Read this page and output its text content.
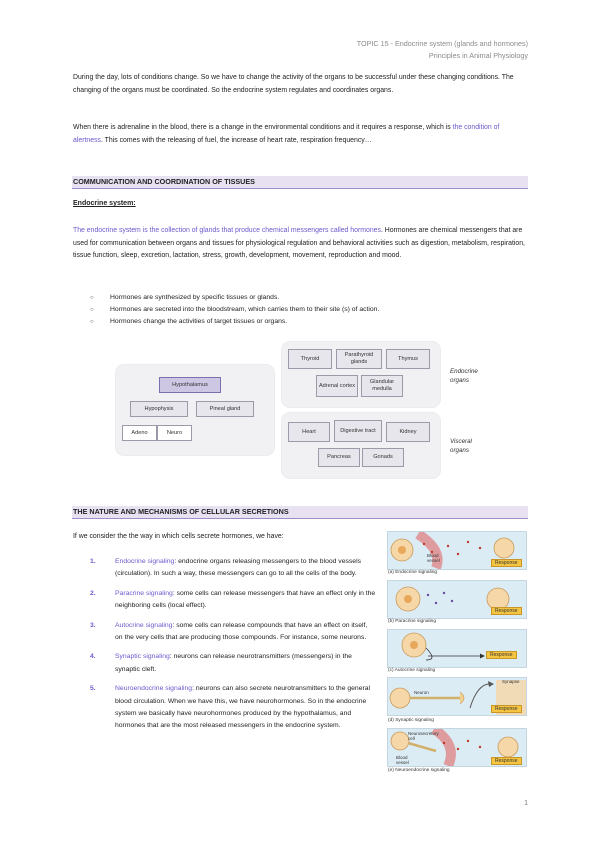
TOPIC 15 - Endocrine system (glands and hormones)
Principles in Animal Physiology

During the day, lots of conditions change. So we have to change the activity of the organs to be successful under these changing conditions. The changing of the organs must be coordinated. So the endocrine system regulates and coordinates organs.

When there is adrenaline in the blood, there is a change in the environmental conditions and it requires a response, which is the condition of alertness. This comes with the releasing of fuel, the increase of heart rate, respiration frequency…

COMMUNICATION AND COORDINATION OF TISSUES
Endocrine system:

The endocrine system is the collection of glands that produce chemical messengers called hormones. Hormones are chemical messengers that are used for communication between organs and tissues for physiological regulation and behavioral activities such as digestion, metabolism, respiration, tissue function, sleep, excretion, lactation, stress, growth, development, movement, reproduction and mood.

○ Hormones are synthesized by specific tissues or glands.
○ Hormones are secreted into the bloodstream, which carries them to their site (s) of action.
○ Hormones change the activities of target tissues or organs.
Hypothalamus
Hypophysis	Pineal gland
Adeno	Neuro
Thyroid
Parathyroid glands
Thymus
Adrenal cortex
Glandular medulla
Endocrine organs
Heart	Digestive tract	Kidney
Pancreas	Gonads
Visceral organs
THE NATURE AND MECHANISMS OF CELLULAR SECRETIONS
If we consider the the way in which cells secrete hormones, we have:
1.	Endocrine signaling: endocrine organs releasing messengers to the blood vessels (circulation). In such a way, these messengers can go to all the cells of the body.
2.	Paracrine signaling: some cells can release messengers that have an effect only in the neighboring cells (local effect).
3.	Autocrine signaling: some cells can release compounds that have an effect on itself, on the very cells that are producing those compounds. For instance, some neurons.
4.	Synaptic signaling: neurons can release neurotransmitters (messengers) in the synaptic cleft.
5.	Neuroendocrine signaling: neurons can also secrete neurotransmitters to the general blood circulation. When we have this, we have neurohormones. So in the endocrine system we basically have neurohormones produced by the hypothalamus, and hormones that are the most released messengers in the endocrine system.
Blood vessel	Response
(a) Endocrine signaling
Response
(b) Paracrine signaling
Response
(c) Autocrine signaling
Neuron
Synapse
Response
(d) Synaptic signaling
Neurosecretory cell
Blood vessel	Response
(e) Neuroendocrine signaling
1
